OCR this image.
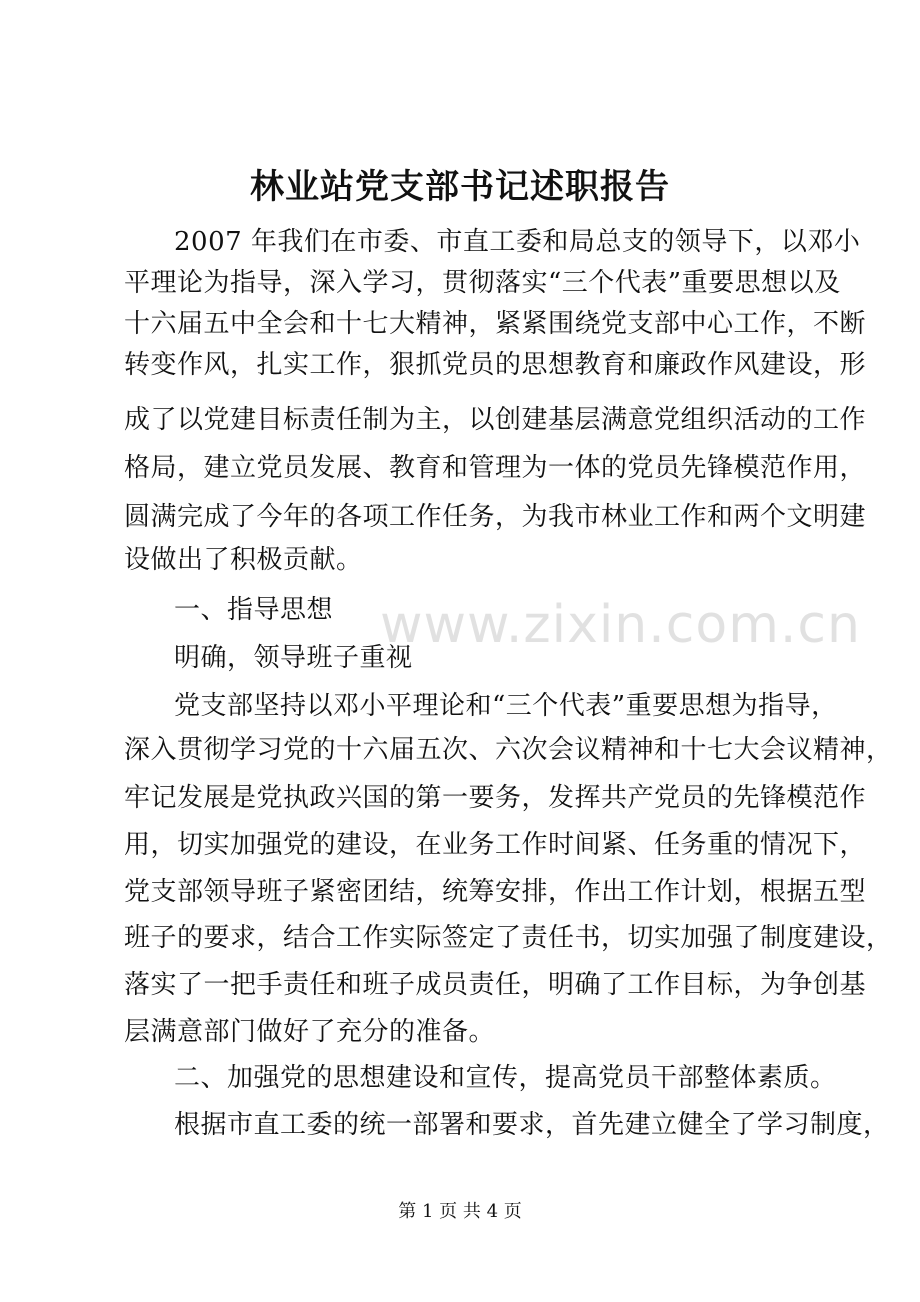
林业站党支部书记述职报告
www.zixin.com.cn
2007 年我们在市委、市直工委和局总支的领导下，以邓小
平理论为指导，深入学习，贯彻落实“三个代表”重要思想以及
十六届五中全会和十七大精神，紧紧围绕党支部中心工作，不断
转变作风，扎实工作，狠抓党员的思想教育和廉政作风建设，形
成了以党建目标责任制为主，以创建基层满意党组织活动的工作
格局，建立党员发展、教育和管理为一体的党员先锋模范作用，
圆满完成了今年的各项工作任务，为我市林业工作和两个文明建
设做出了积极贡献。
一、指导思想
明确，领导班子重视
党支部坚持以邓小平理论和“三个代表”重要思想为指导，
深入贯彻学习党的十六届五次、六次会议精神和十七大会议精神，
牢记发展是党执政兴国的第一要务，发挥共产党员的先锋模范作
用，切实加强党的建设，在业务工作时间紧、任务重的情况下，
党支部领导班子紧密团结，统筹安排，作出工作计划，根据五型
班子的要求，结合工作实际签定了责任书，切实加强了制度建设，
落实了一把手责任和班子成员责任，明确了工作目标，为争创基
层满意部门做好了充分的准备。
二、加强党的思想建设和宣传，提高党员干部整体素质。
根据市直工委的统一部署和要求，首先建立健全了学习制度，
第 1 页 共 4 页
